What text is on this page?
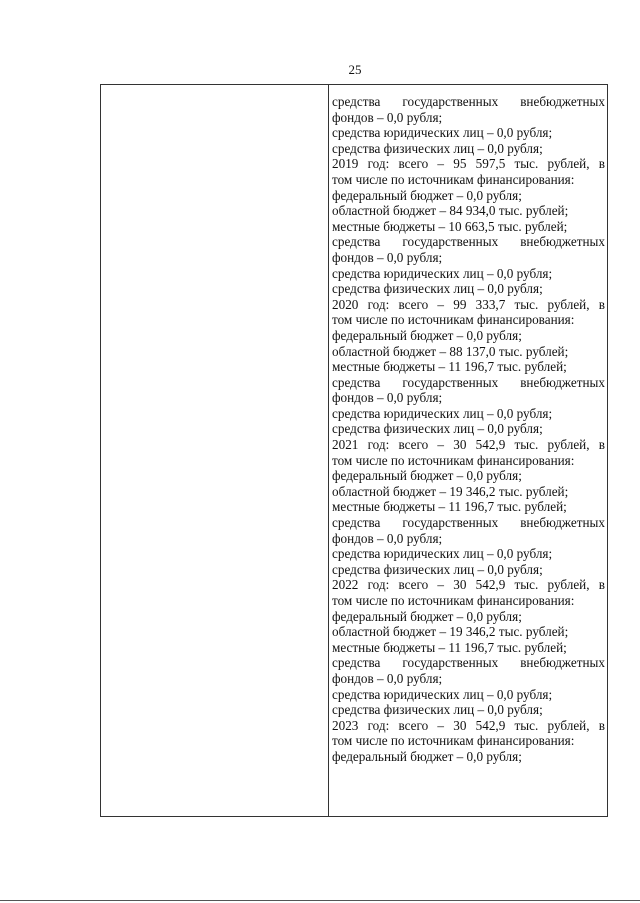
25
средства государственных внебюджетных
фондов – 0,0 рубля;
средства юридических лиц – 0,0 рубля;
средства физических лиц – 0,0 рубля;
2019 год: всего – 95 597,5 тыс. рублей, в
том числе по источникам финансирования:
федеральный бюджет – 0,0 рубля;
областной бюджет – 84 934,0 тыс. рублей;
местные бюджеты – 10 663,5 тыс. рублей;
средства государственных внебюджетных
фондов – 0,0 рубля;
средства юридических лиц – 0,0 рубля;
средства физических лиц – 0,0 рубля;
2020 год: всего – 99 333,7 тыс. рублей, в
том числе по источникам финансирования:
федеральный бюджет – 0,0 рубля;
областной бюджет – 88 137,0 тыс. рублей;
местные бюджеты – 11 196,7 тыс. рублей;
средства государственных внебюджетных
фондов – 0,0 рубля;
средства юридических лиц – 0,0 рубля;
средства физических лиц – 0,0 рубля;
2021 год: всего – 30 542,9 тыс. рублей, в
том числе по источникам финансирования:
федеральный бюджет – 0,0 рубля;
областной бюджет – 19 346,2 тыс. рублей;
местные бюджеты – 11 196,7 тыс. рублей;
средства государственных внебюджетных
фондов – 0,0 рубля;
средства юридических лиц – 0,0 рубля;
средства физических лиц – 0,0 рубля;
2022 год: всего – 30 542,9 тыс. рублей, в
том числе по источникам финансирования:
федеральный бюджет – 0,0 рубля;
областной бюджет – 19 346,2 тыс. рублей;
местные бюджеты – 11 196,7 тыс. рублей;
средства государственных внебюджетных
фондов – 0,0 рубля;
средства юридических лиц – 0,0 рубля;
средства физических лиц – 0,0 рубля;
2023 год: всего – 30 542,9 тыс. рублей, в
том числе по источникам финансирования:
федеральный бюджет – 0,0 рубля;
